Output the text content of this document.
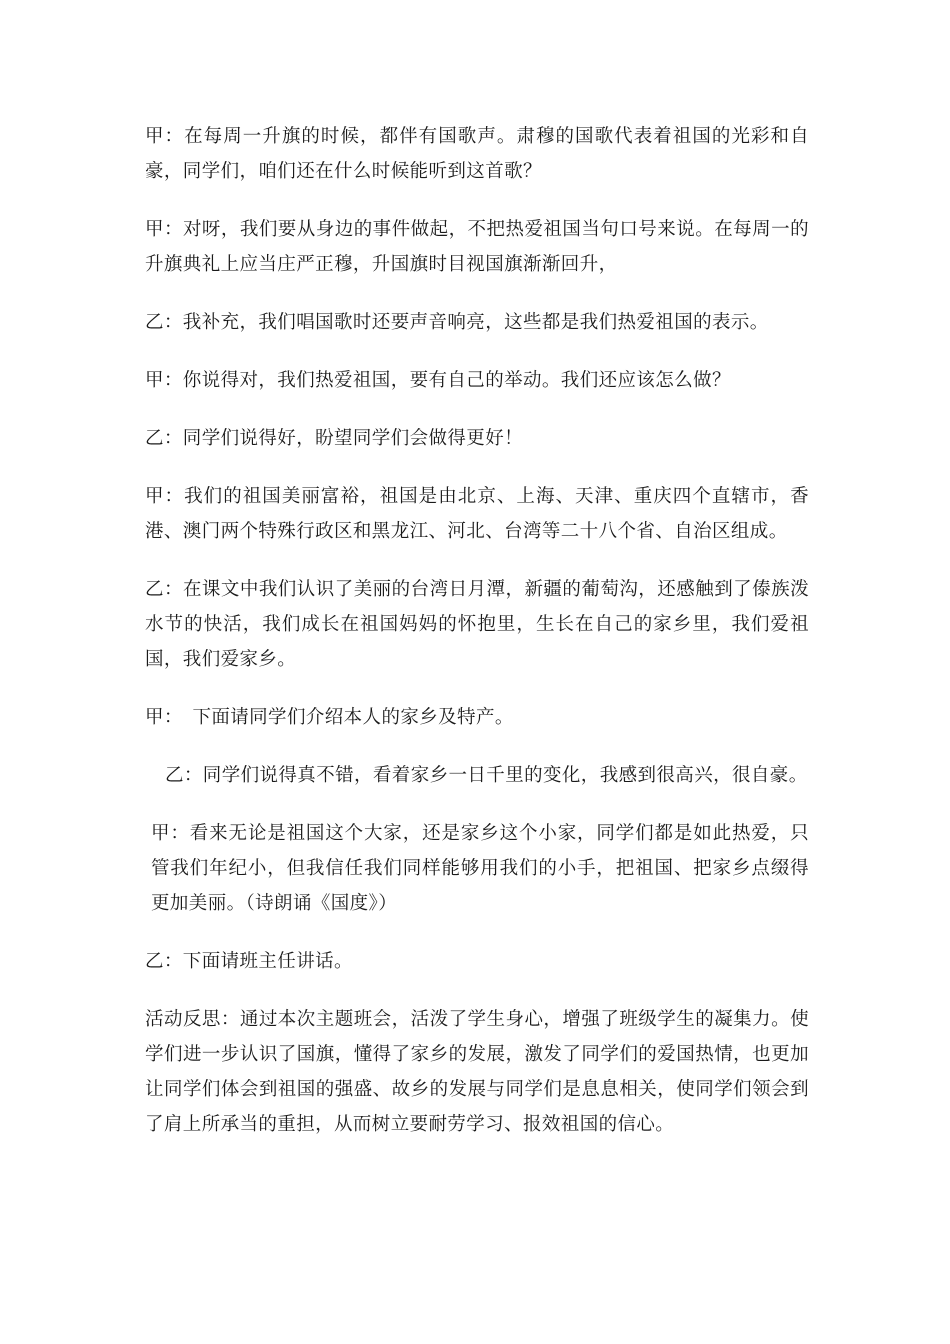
甲：在每周一升旗的时候，都伴有国歌声。肃穆的国歌代表着祖国的光彩和自豪，同学们，咱们还在什么时候能听到这首歌？

甲：对呀，我们要从身边的事件做起，不把热爱祖国当句口号来说。在每周一的升旗典礼上应当庄严正穆，升国旗时目视国旗渐渐回升，

乙：我补充，我们唱国歌时还要声音响亮，这些都是我们热爱祖国的表示。

甲：你说得对，我们热爱祖国，要有自己的举动。我们还应该怎么做？

乙：同学们说得好，盼望同学们会做得更好！

甲：我们的祖国美丽富裕，祖国是由北京、上海、天津、重庆四个直辖市，香港、澳门两个特殊行政区和黑龙江、河北、台湾等二十八个省、自治区组成。

乙：在课文中我们认识了美丽的台湾日月潭，新疆的葡萄沟，还感触到了傣族泼水节的快活，我们成长在祖国妈妈的怀抱里，生长在自己的家乡里，我们爱祖国，我们爱家乡。

甲：　下面请同学们介绍本人的家乡及特产。

乙：同学们说得真不错，看着家乡一日千里的变化，我感到很高兴，很自豪。

甲：看来无论是祖国这个大家，还是家乡这个小家，同学们都是如此热爱，只管我们年纪小，但我信任我们同样能够用我们的小手，把祖国、把家乡点缀得更加美丽。（诗朗诵《国度》）

乙：下面请班主任讲话。

活动反思：通过本次主题班会，活泼了学生身心，增强了班级学生的凝集力。使学们进一步认识了国旗，懂得了家乡的发展，激发了同学们的爱国热情，也更加让同学们体会到祖国的强盛、故乡的发展与同学们是息息相关，使同学们领会到了肩上所承当的重担，从而树立要耐劳学习、报效祖国的信心。
